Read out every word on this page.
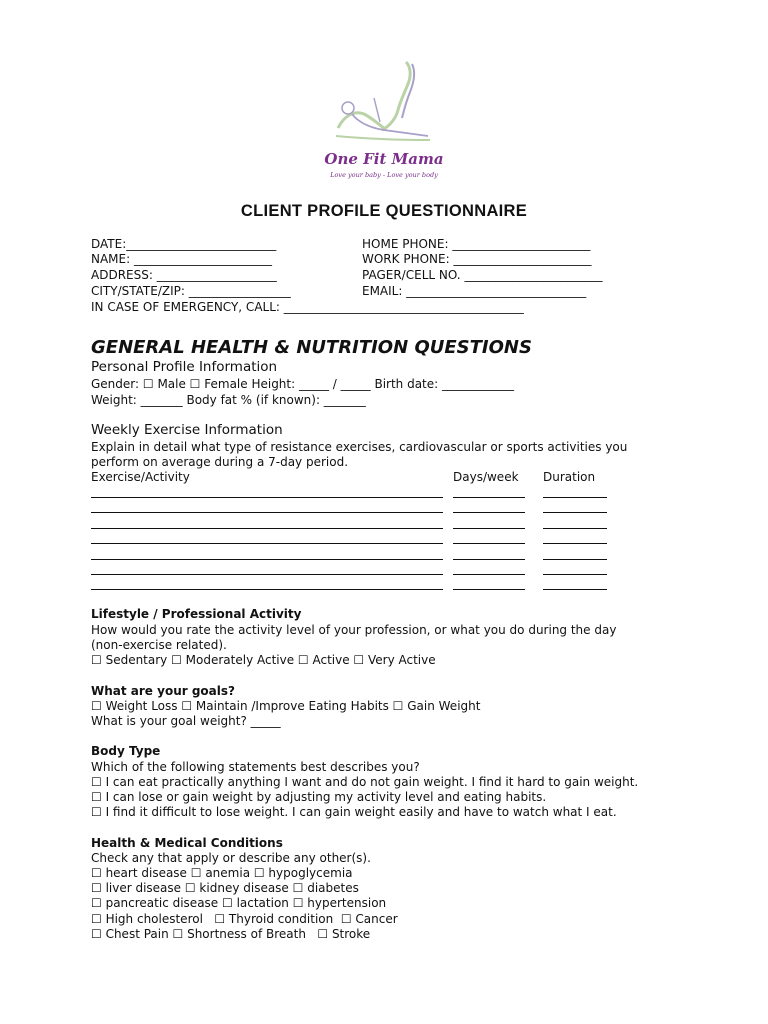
One Fit Mama
Love your baby - Love your body
CLIENT PROFILE QUESTIONNAIRE
DATE:_________________________
NAME: _______________________
ADDRESS: ____________________
CITY/STATE/ZIP: _________________
HOME PHONE: _______________________
WORK PHONE: _______________________
PAGER/CELL NO. _______________________
EMAIL: ______________________________
IN CASE OF EMERGENCY, CALL: ________________________________________
GENERAL HEALTH & NUTRITION QUESTIONS
Personal Profile Information
Gender: ☐ Male ☐ Female Height: _____ / _____ Birth date: ____________
Weight: _______ Body fat % (if known): _______
Weekly Exercise Information
Explain in detail what type of resistance exercises, cardiovascular or sports activities you
perform on average during a 7-day period.
Exercise/Activity	Days/week Duration
Lifestyle / Professional Activity
How would you rate the activity level of your profession, or what you do during the day
(non-exercise related).
☐ Sedentary ☐ Moderately Active ☐ Active ☐ Very Active
What are your goals?
☐ Weight Loss ☐ Maintain /Improve Eating Habits ☐ Gain Weight
What is your goal weight? _____
Body Type
Which of the following statements best describes you?
☐ I can eat practically anything I want and do not gain weight. I find it hard to gain weight.
☐ I can lose or gain weight by adjusting my activity level and eating habits.
☐ I find it difficult to lose weight. I can gain weight easily and have to watch what I eat.
Health & Medical Conditions
Check any that apply or describe any other(s).
☐ heart disease ☐ anemia ☐ hypoglycemia
☐ liver disease ☐ kidney disease ☐ diabetes
☐ pancreatic disease ☐ lactation ☐ hypertension
☐ High cholesterol   ☐ Thyroid condition  ☐ Cancer
☐ Chest Pain ☐ Shortness of Breath   ☐ Stroke
